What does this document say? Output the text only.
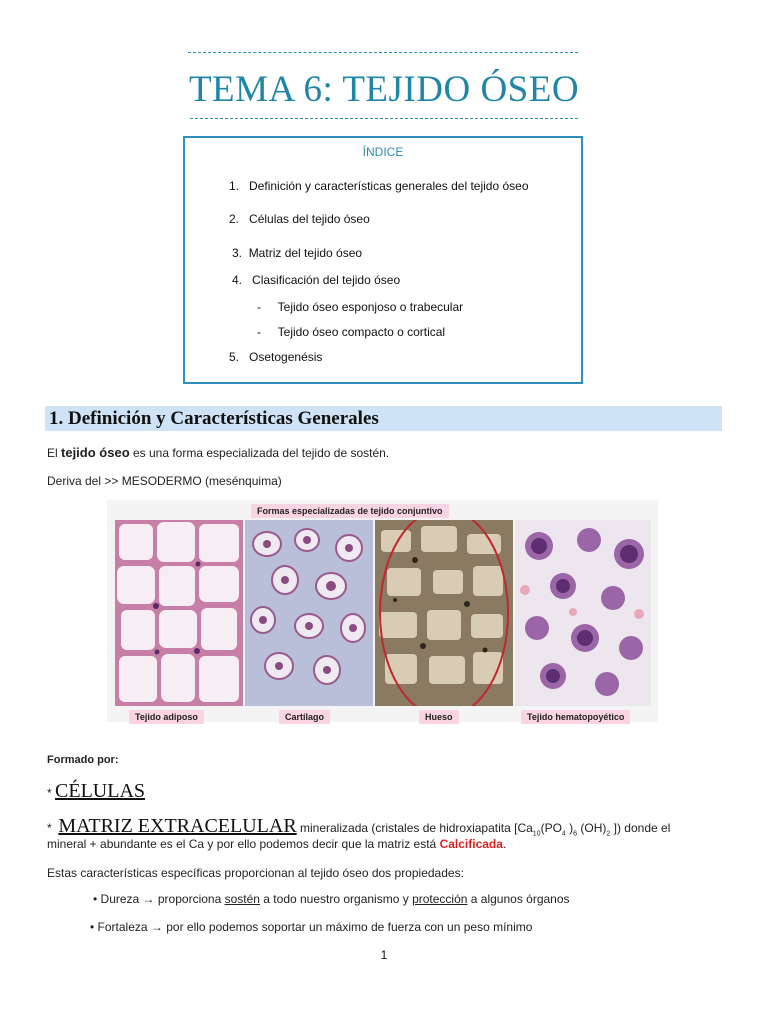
TEMA 6: TEJIDO ÓSEO
ÍNDICE
1. Definición y características generales del tejido óseo
2. Células del tejido óseo
3. Matriz del tejido óseo
4. Clasificación del tejido óseo
- Tejido óseo esponjoso o trabecular
- Tejido óseo compacto o cortical
5. Osetogenésis
1. Definición y Características Generales
El tejido óseo es una forma especializada del tejido de sostén.
Deriva del >> MESODERMO (mesénquima)
Formas especializadas de tejido conjuntivo
Tejido adiposo	Cartílago	Hueso	Tejido hematopoyético
Formado por:
* CÉLULAS
* MATRIZ EXTRACELULAR mineralizada (cristales de hidroxiapatita [$Ca_{10}(PO_4$ )$_6$ $(OH)_2$ ]) donde el
mineral + abundante es el Ca y por ello podemos decir que la matriz está Calcificada.
Estas características específicas proporcionan al tejido óseo dos propiedades:
• Dureza → proporciona sostén a todo nuestro organismo y protección a algunos órganos
• Fortaleza → por ello podemos soportar un máximo de fuerza con un peso mínimo
1
